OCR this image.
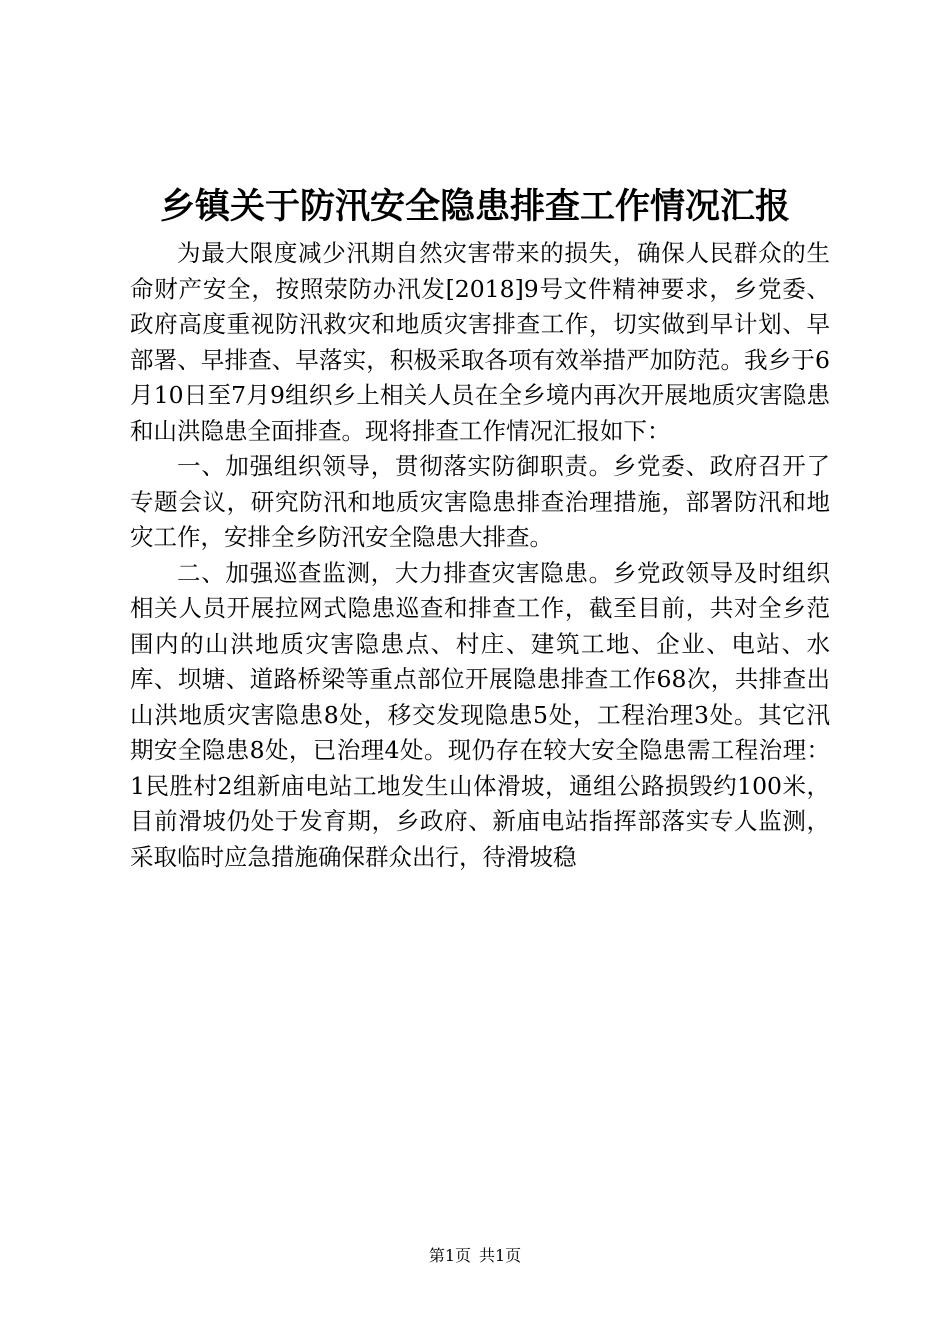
乡镇关于防汛安全隐患排查工作情况汇报

为最大限度减少汛期自然灾害带来的损失，确保人民群众的生命财产安全，按照荥防办汛发[2018]9号文件精神要求，乡党委、政府高度重视防汛救灾和地质灾害排查工作，切实做到早计划、早部署、早排查、早落实，积极采取各项有效举措严加防范。我乡于6月10日至7月9组织乡上相关人员在全乡境内再次开展地质灾害隐患和山洪隐患全面排查。现将排查工作情况汇报如下：

一、加强组织领导，贯彻落实防御职责。乡党委、政府召开了专题会议，研究防汛和地质灾害隐患排查治理措施，部署防汛和地灾工作，安排全乡防汛安全隐患大排查。

二、加强巡查监测，大力排查灾害隐患。乡党政领导及时组织相关人员开展拉网式隐患巡查和排查工作，截至目前，共对全乡范围内的山洪地质灾害隐患点、村庄、建筑工地、企业、电站、水库、坝塘、道路桥梁等重点部位开展隐患排查工作68次，共排查出山洪地质灾害隐患8处，移交发现隐患5处，工程治理3处。其它汛期安全隐患8处，已治理4处。现仍存在较大安全隐患需工程治理：1民胜村2组新庙电站工地发生山体滑坡，通组公路损毁约100米，目前滑坡仍处于发育期，乡政府、新庙电站指挥部落实专人监测，采取临时应急措施确保群众出行，待滑坡稳

第1页 共1页
